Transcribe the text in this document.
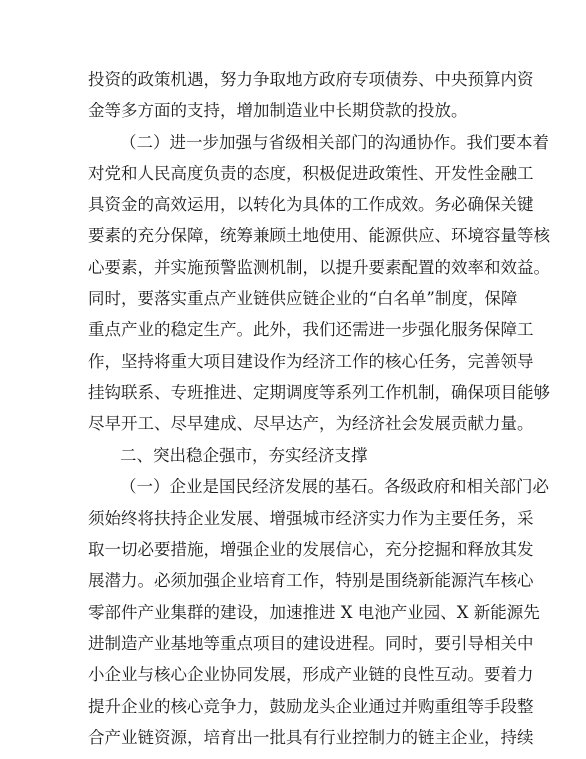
投资的政策机遇，努力争取地方政府专项债券、中央预算内资
金等多方面的支持，增加制造业中长期贷款的投放。
（二）进一步加强与省级相关部门的沟通协作。我们要本着
对党和人民高度负责的态度，积极促进政策性、开发性金融工
具资金的高效运用，以转化为具体的工作成效。务必确保关键
要素的充分保障，统筹兼顾土地使用、能源供应、环境容量等核
心要素，并实施预警监测机制，以提升要素配置的效率和效益。
同时，要落实重点产业链供应链企业的“白名单”制度，保障
重点产业的稳定生产。此外，我们还需进一步强化服务保障工
作，坚持将重大项目建设作为经济工作的核心任务，完善领导
挂钩联系、专班推进、定期调度等系列工作机制，确保项目能够
尽早开工、尽早建成、尽早达产，为经济社会发展贡献力量。
二、突出稳企强市，夯实经济支撑
（一）企业是国民经济发展的基石。各级政府和相关部门必
须始终将扶持企业发展、增强城市经济实力作为主要任务，采
取一切必要措施，增强企业的发展信心，充分挖掘和释放其发
展潜力。必须加强企业培育工作，特别是围绕新能源汽车核心
零部件产业集群的建设，加速推进 X 电池产业园、X 新能源先
进制造产业基地等重点项目的建设进程。同时，要引导相关中
小企业与核心企业协同发展，形成产业链的良性互动。要着力
提升企业的核心竞争力，鼓励龙头企业通过并购重组等手段整
合产业链资源，培育出一批具有行业控制力的链主企业，持续
